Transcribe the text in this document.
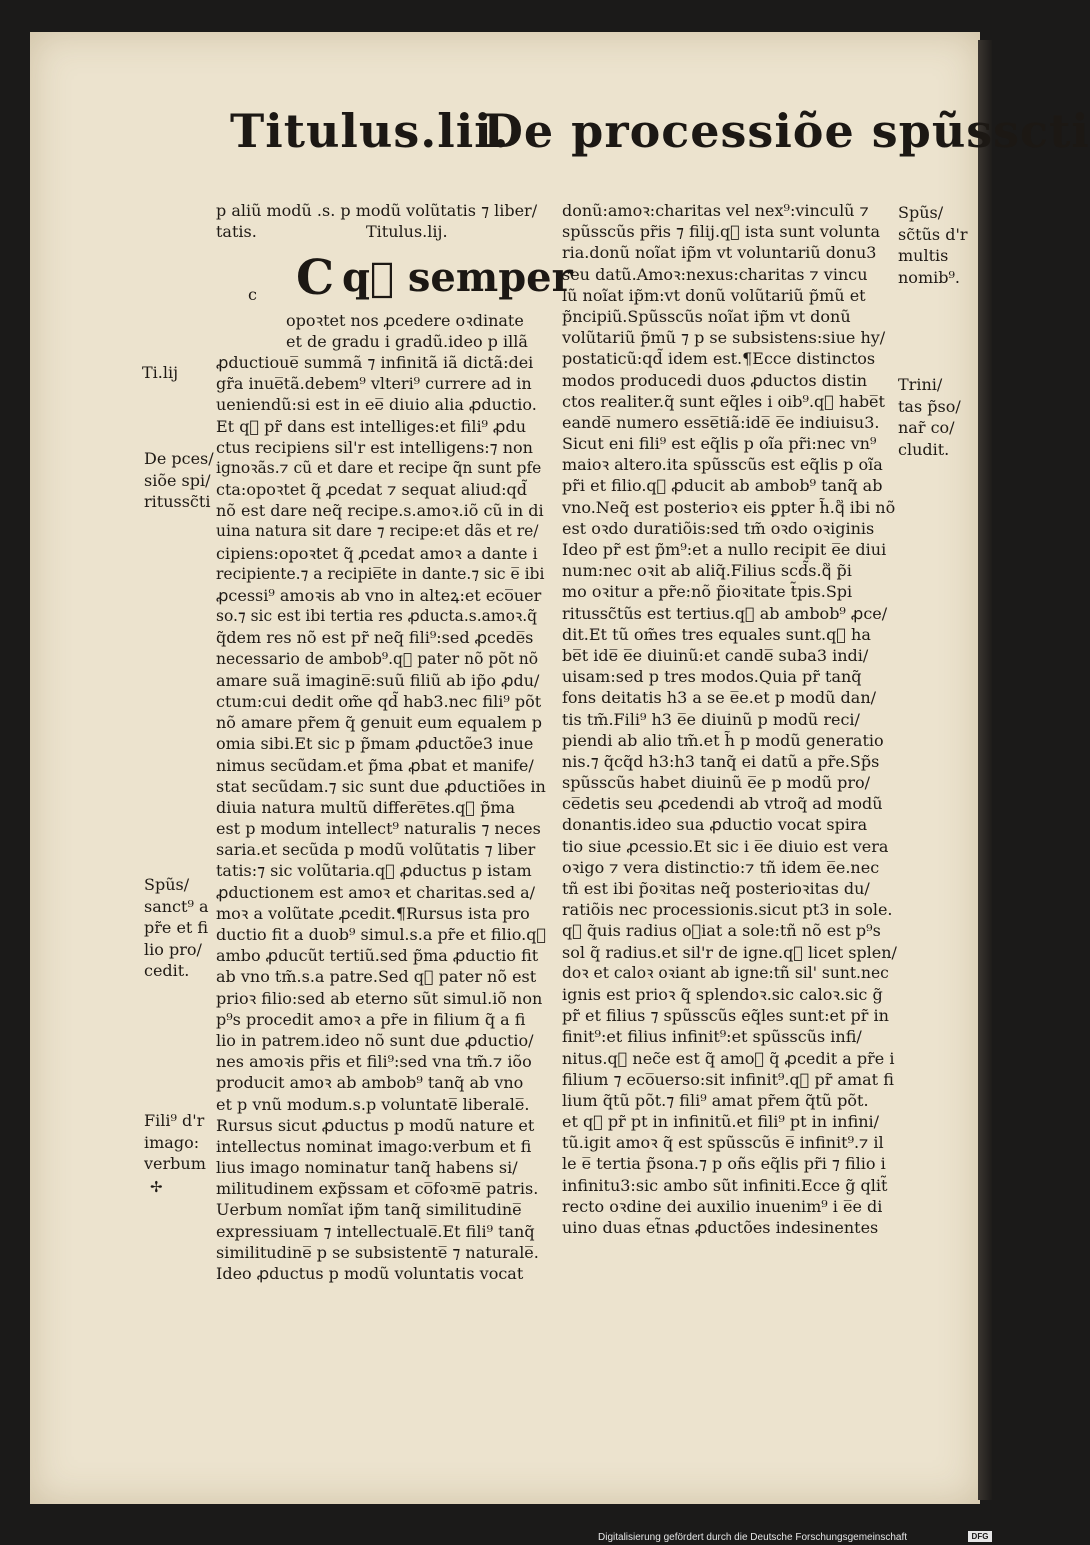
Titulus.lii.
De processiõe spũsscti
p aliũ modũ .s. p modũ volũtatis ⁊ liber/
tatis.	Titulus.lij.
C q᷑ semper
c
opoꝛtet nos ꝓcedere oꝛdinate
et de gradu i gradũ.ideo p illã
ꝓductioue̅ summã ⁊ infinitã iã dictã:dei
gr̃a inue̅tã.debem⁹ vlteri⁹ currere ad in
ueniendũ:si est in ee̅ diuio alia ꝓductio.
Et q᷑ pr̃ dans est intelliges:et fili⁹ ꝓdu
ctus recipiens sil'r est intelligens:⁊ non
ignoꝛãs.⁊ cũ et dare et recipe q̃n sunt pfe
cta:opoꝛtet q̃ ꝓcedat ⁊ sequat aliud:qd̃
nõ est dare neq̃ recipe.s.amoꝛ.iõ cũ in di
uina natura sit dare ⁊ recipe:et dãs et re/
cipiens:opoꝛtet q̃ ꝓcedat amoꝛ a dante i
recipiente.⁊ a recipie̅te in dante.⁊ sic e̅ ibi
ꝓcessi⁹ amoꝛis ab vno in alteꝝ:et eco̅uer
so.⁊ sic est ibi tertia res ꝓducta.s.amoꝛ.q̃
q̃dem res nõ est pr̃ neq̃ fili⁹:sed ꝓcede̅s
necessario de ambob⁹.q᷑ pater nõ põt nõ
amare suã imagine̅:suũ filiũ ab ip̃o ꝓdu/
ctum:cui dedit om̃e qd̃ hab3.nec fili⁹ põt
nõ amare pr̃em q̃ genuit eum equalem p
omia sibi.Et sic p p̃mam ꝓductõe3 inue
nimus secũdam.et p̃ma ꝓbat et manife/
stat secũdam.⁊ sic sunt due ꝓductiões in
diuia natura multũ differe̅tes.q᷑ p̃ma
est p modum intellect⁹ naturalis ⁊ neces
saria.et secũda p modũ volũtatis ⁊ liber
tatis:⁊ sic volũtaria.q᷑ ꝓductus p istam
ꝓductionem est amoꝛ et charitas.sed a/
moꝛ a volũtate ꝓcedit.¶Rursus ista pro
ductio fit a duob⁹ simul.s.a pr̃e et filio.q᷑
ambo ꝓducũt tertiũ.sed p̃ma ꝓductio fit
ab vno tm̃.s.a patre.Sed q᷑ pater nõ est
prioꝛ filio:sed ab eterno sũt simul.iõ non
p⁹s procedit amoꝛ a pr̃e in filium q̃ a fi
lio in patrem.ideo nõ sunt due ꝓductio/
nes amoꝛis pr̃is et fili⁹:sed vna tm̃.⁊ iõo
producit amoꝛ ab ambob⁹ tanq̃ ab vno
et p vnũ modum.s.p voluntate̅ liberale̅.
Rursus sicut ꝓductus p modũ nature et
intellectus nominat imago:verbum et fi
lius imago nominatur tanq̃ habens si/
militudinem exp̃ssam et co̅foꝛme̅ patris.
Uerbum nomĩat ip̃m tanq̃ similitudine̅
expressiuam ⁊ intellectuale̅.Et fili⁹ tanq̃
similitudine̅ p se subsistente̅ ⁊ naturale̅.
Ideo ꝓductus p modũ voluntatis vocat
donũ:amoꝛ:charitas vel nex⁹:vinculũ ⁊
spũsscũs pr̃is ⁊ filij.q᷑ ista sunt volunta
ria.donũ noĩat ip̃m vt voluntariũ donu3
seu datũ.Amoꝛ:nexus:charitas ⁊ vincu
lũ noĩat ip̃m:vt donũ volũtariũ p̃mũ et
p̃ncipiũ.Spũsscũs noĩat ip̃m vt donũ
volũtariũ p̃mũ ⁊ p se subsistens:siue hy/
postaticũ:qd̃ idem est.¶Ecce distinctos
modos producedi duos ꝓductos distin
ctos realiter.q̃ sunt eq̃les i oib⁹.q᷑ habe̅t
eande̅ numero esse̅tiã:ide̅ e̅e indiuisu3.
Sicut eni fili⁹ est eq̃lis p oĩa pr̃i:nec vn⁹
maioꝛ altero.ita spũsscũs est eq̃lis p oĩa
pr̃i et filio.q᷑ ꝓducit ab ambob⁹ tanq̃ ab
vno.Neq̃ est posterioꝛ eis ꝑpter h̃.q᷑ ibi nõ
est oꝛdo duratiõis:sed tm̃ oꝛdo oꝛiginis
Ideo pr̃ est p̃m⁹:et a nullo recipit e̅e diui
num:nec oꝛit ab aliq̃.Filius scd̃s.q᷑ p̃i
mo oꝛitur a pr̃e:nõ p̃ioꝛitate t̃pis.Spi
ritussc̃tũs est tertius.q᷑ ab ambob⁹ ꝓce/
dit.Et tũ om̃es tres equales sunt.q᷑ ha
be̅t ide̅ e̅e diuinũ:et cande̅ suba3 indi/
uisam:sed p tres modos.Quia pr̃ tanq̃
fons deitatis h3 a se e̅e.et p modũ dan/
tis tm̃.Fili⁹ h3 e̅e diuinũ p modũ reci/
piendi ab alio tm̃.et h̃ p modũ generatio
nis.⁊ q̃cq̃d h3:h3 tanq̃ ei datũ a pr̃e.Sp̃s
spũsscũs habet diuinũ e̅e p modũ pro/
ce̅detis seu ꝓcedendi ab vtroq̃ ad modũ
donantis.ideo sua ꝓductio vocat spira
tio siue ꝓcessio.Et sic i e̅e diuio est vera
oꝛigo ⁊ vera distinctio:⁊ tñ idem e̅e.nec
tñ est ibi p̃oꝛitas neq̃ posterioꝛitas du/
ratiõis nec processionis.sicut pt3 in sole.
q᷑ q̃uis radius oꝛiat a sole:tñ nõ est p⁹s
sol q̃ radius.et sil'r de igne.q᷑ licet splen/
doꝛ et caloꝛ oꝛiant ab igne:tñ sil' sunt.nec
ignis est prioꝛ q̃ splendoꝛ.sic caloꝛ.sic g̃
pr̃ et filius ⁊ spũsscũs eq̃les sunt:et pr̃ in
finit⁹:et filius infinit⁹:et spũsscũs infi/
nitus.q᷑ nec̃e est q̃ amoꝛ q̃ ꝓcedit a pr̃e i
filium ⁊ eco̅uerso:sit infinit⁹.q᷑ pr̃ amat fi
lium q̃tũ põt.⁊ fili⁹ amat pr̃em q̃tũ põt.
et q᷑ pr̃ pt in infinitũ.et fili⁹ pt in infini/
tũ.igit amoꝛ q̃ est spũsscũs e̅ infinit⁹.⁊ il
le e̅ tertia p̃sona.⁊ p oñs eq̃lis pr̃i ⁊ filio i
infinitu3:sic ambo sũt infiniti.Ecce g̃ qlit̃
recto oꝛdine dei auxilio inuenim⁹ i e̅e di
uino duas et̃nas ꝓductões indesinentes
Ti.lij
De pces/
siõe spi/
ritussc̃ti
Spũs/
sanct⁹ a
pr̃e et fi
lio pro/
cedit.
Fili⁹ d'r
imago:
verbum
✢
Spũs/
sc̃tũs d'r
multis
nomib⁹.
Trini/
tas p̃so/
nar̃ co/
cludit.
Digitalisierung gefördert durch die Deutsche Forschungsgemeinschaft	DFG
